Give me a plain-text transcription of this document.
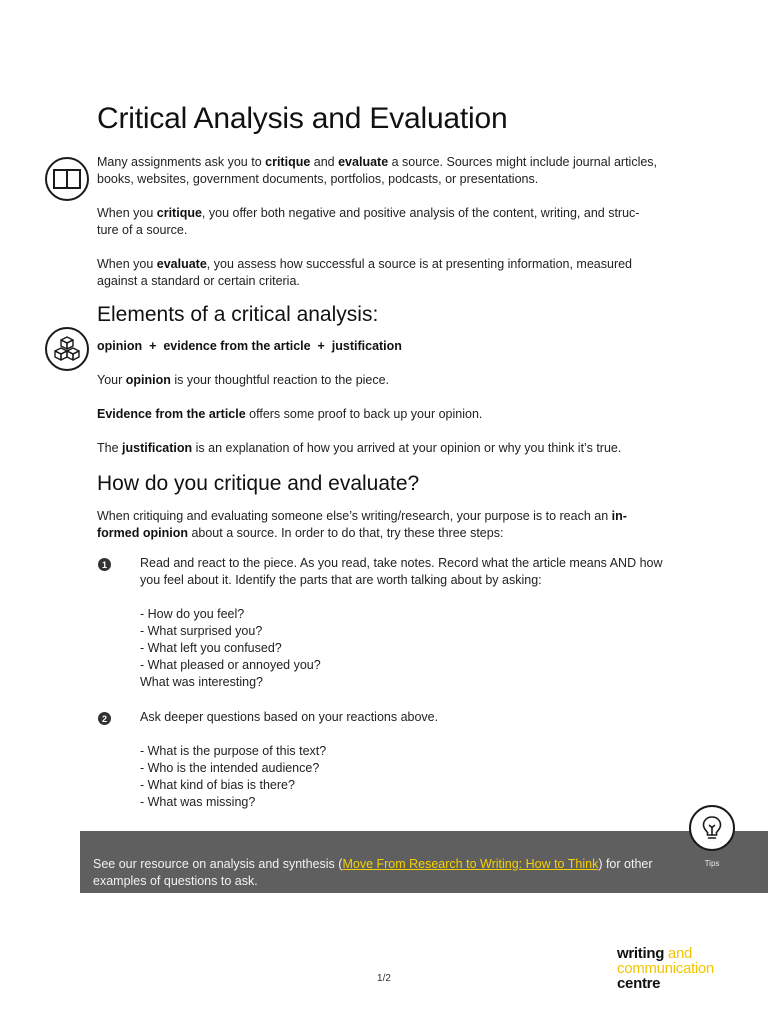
Critical Analysis and Evaluation

Many assignments ask you to critique and evaluate a source. Sources might include journal articles,
books, websites, government documents, portfolios, podcasts, or presentations.

When you critique, you offer both negative and positive analysis of the content, writing, and struc-
ture of a source.

When you evaluate, you assess how successful a source is at presenting information, measured
against a standard or certain criteria.

Elements of a critical analysis:

opinion  +  evidence from the article  +  justification

Your opinion is your thoughtful reaction to the piece.

Evidence from the article offers some proof to back up your opinion.

The justification is an explanation of how you arrived at your opinion or why you think it’s true.

How do you critique and evaluate?

When critiquing and evaluating someone else’s writing/research, your purpose is to reach an in-
formed opinion about a source. In order to do that, try these three steps:

1	Read and react to the piece. As you read, take notes. Record what the article means AND how
you feel about it. Identify the parts that are worth talking about by asking:

- How do you feel?
- What surprised you?
- What left you confused?
- What pleased or annoyed you?
What was interesting?
2	Ask deeper questions based on your reactions above.

- What is the purpose of this text?
- Who is the intended audience?
- What kind of bias is there?
- What was missing?

See our resource on analysis and synthesis (Move From Research to Writing: How to Think) for other
examples of questions to ask.

Tips
1/2
writing and
communication
centre
